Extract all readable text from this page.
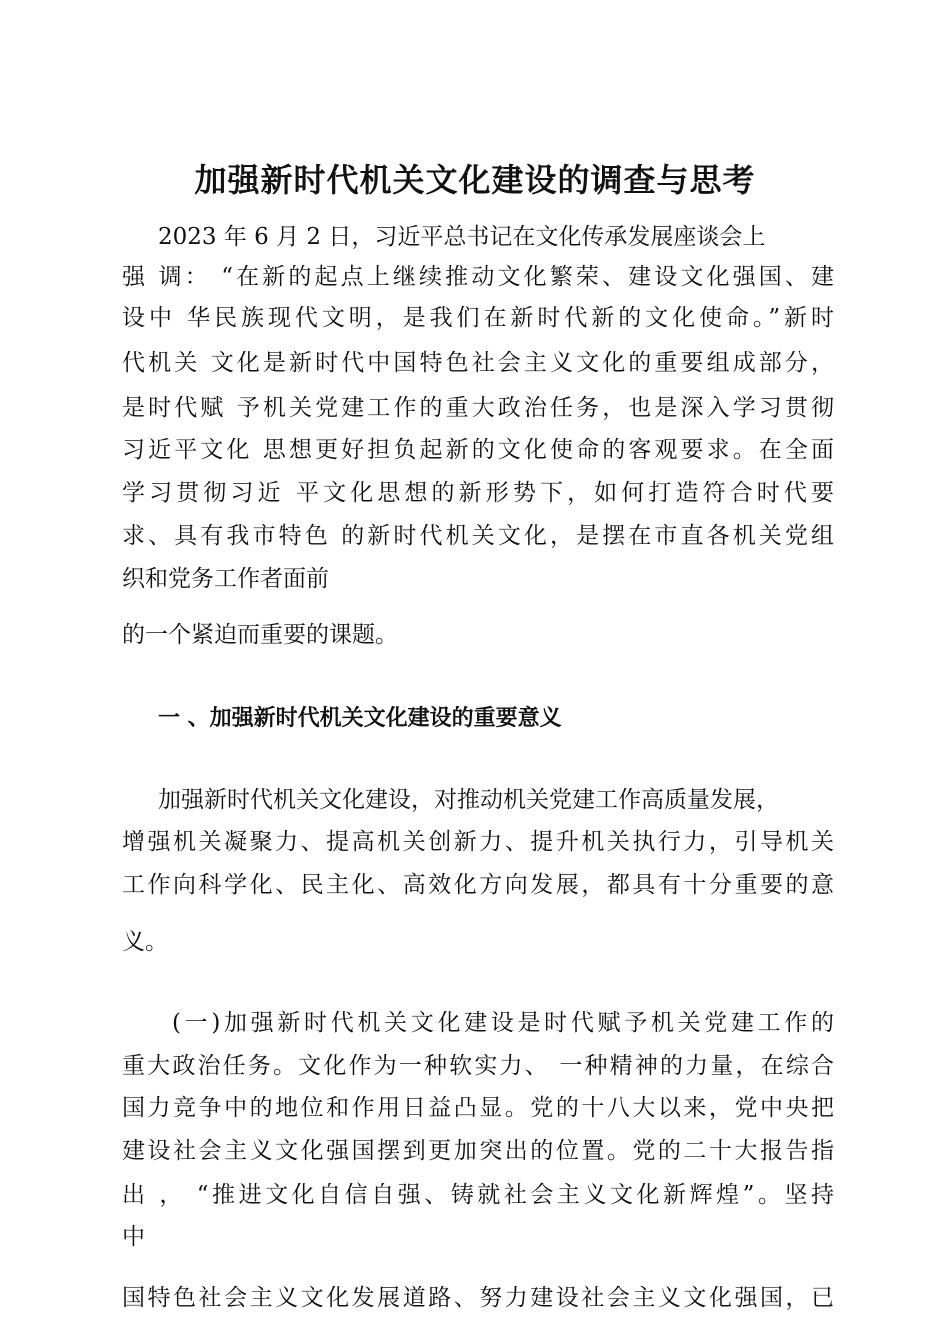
加强新时代机关文化建设的调查与思考
2023 年 6 月 2 日，习近平总书记在文化传承发展座谈会上
强 调： “在新的起点上继续推动文化繁荣、建设文化强国、建
设中 华民族现代文明，是我们在新时代新的文化使命。”新时
代机关 文化是新时代中国特色社会主义文化的重要组成部分，
是时代赋 予机关党建工作的重大政治任务，也是深入学习贯彻
习近平文化 思想更好担负起新的文化使命的客观要求。在全面
学习贯彻习近 平文化思想的新形势下，如何打造符合时代要
求、具有我市特色 的新时代机关文化，是摆在市直各机关党组
织和党务工作者面前
的一个紧迫而重要的课题。
一 、加强新时代机关文化建设的重要意义
加强新时代机关文化建设，对推动机关党建工作高质量发展，
增强机关凝聚力、提高机关创新力、提升机关执行力，引导机关
工作向科学化、民主化、高效化方向发展，都具有十分重要的意
义。
(一)加强新时代机关文化建设是时代赋予机关党建工作的
重大政治任务。文化作为一种软实力、 一种精神的力量，在综合
国力竞争中的地位和作用日益凸显。党的十八大以来，党中央把
建设社会主义文化强国摆到更加突出的位置。党的二十大报告指
出 ， “推进文化自信自强、铸就社会主义文化新辉煌”。坚持
中
国特色社会主义文化发展道路、努力建设社会主义文化强国，已
